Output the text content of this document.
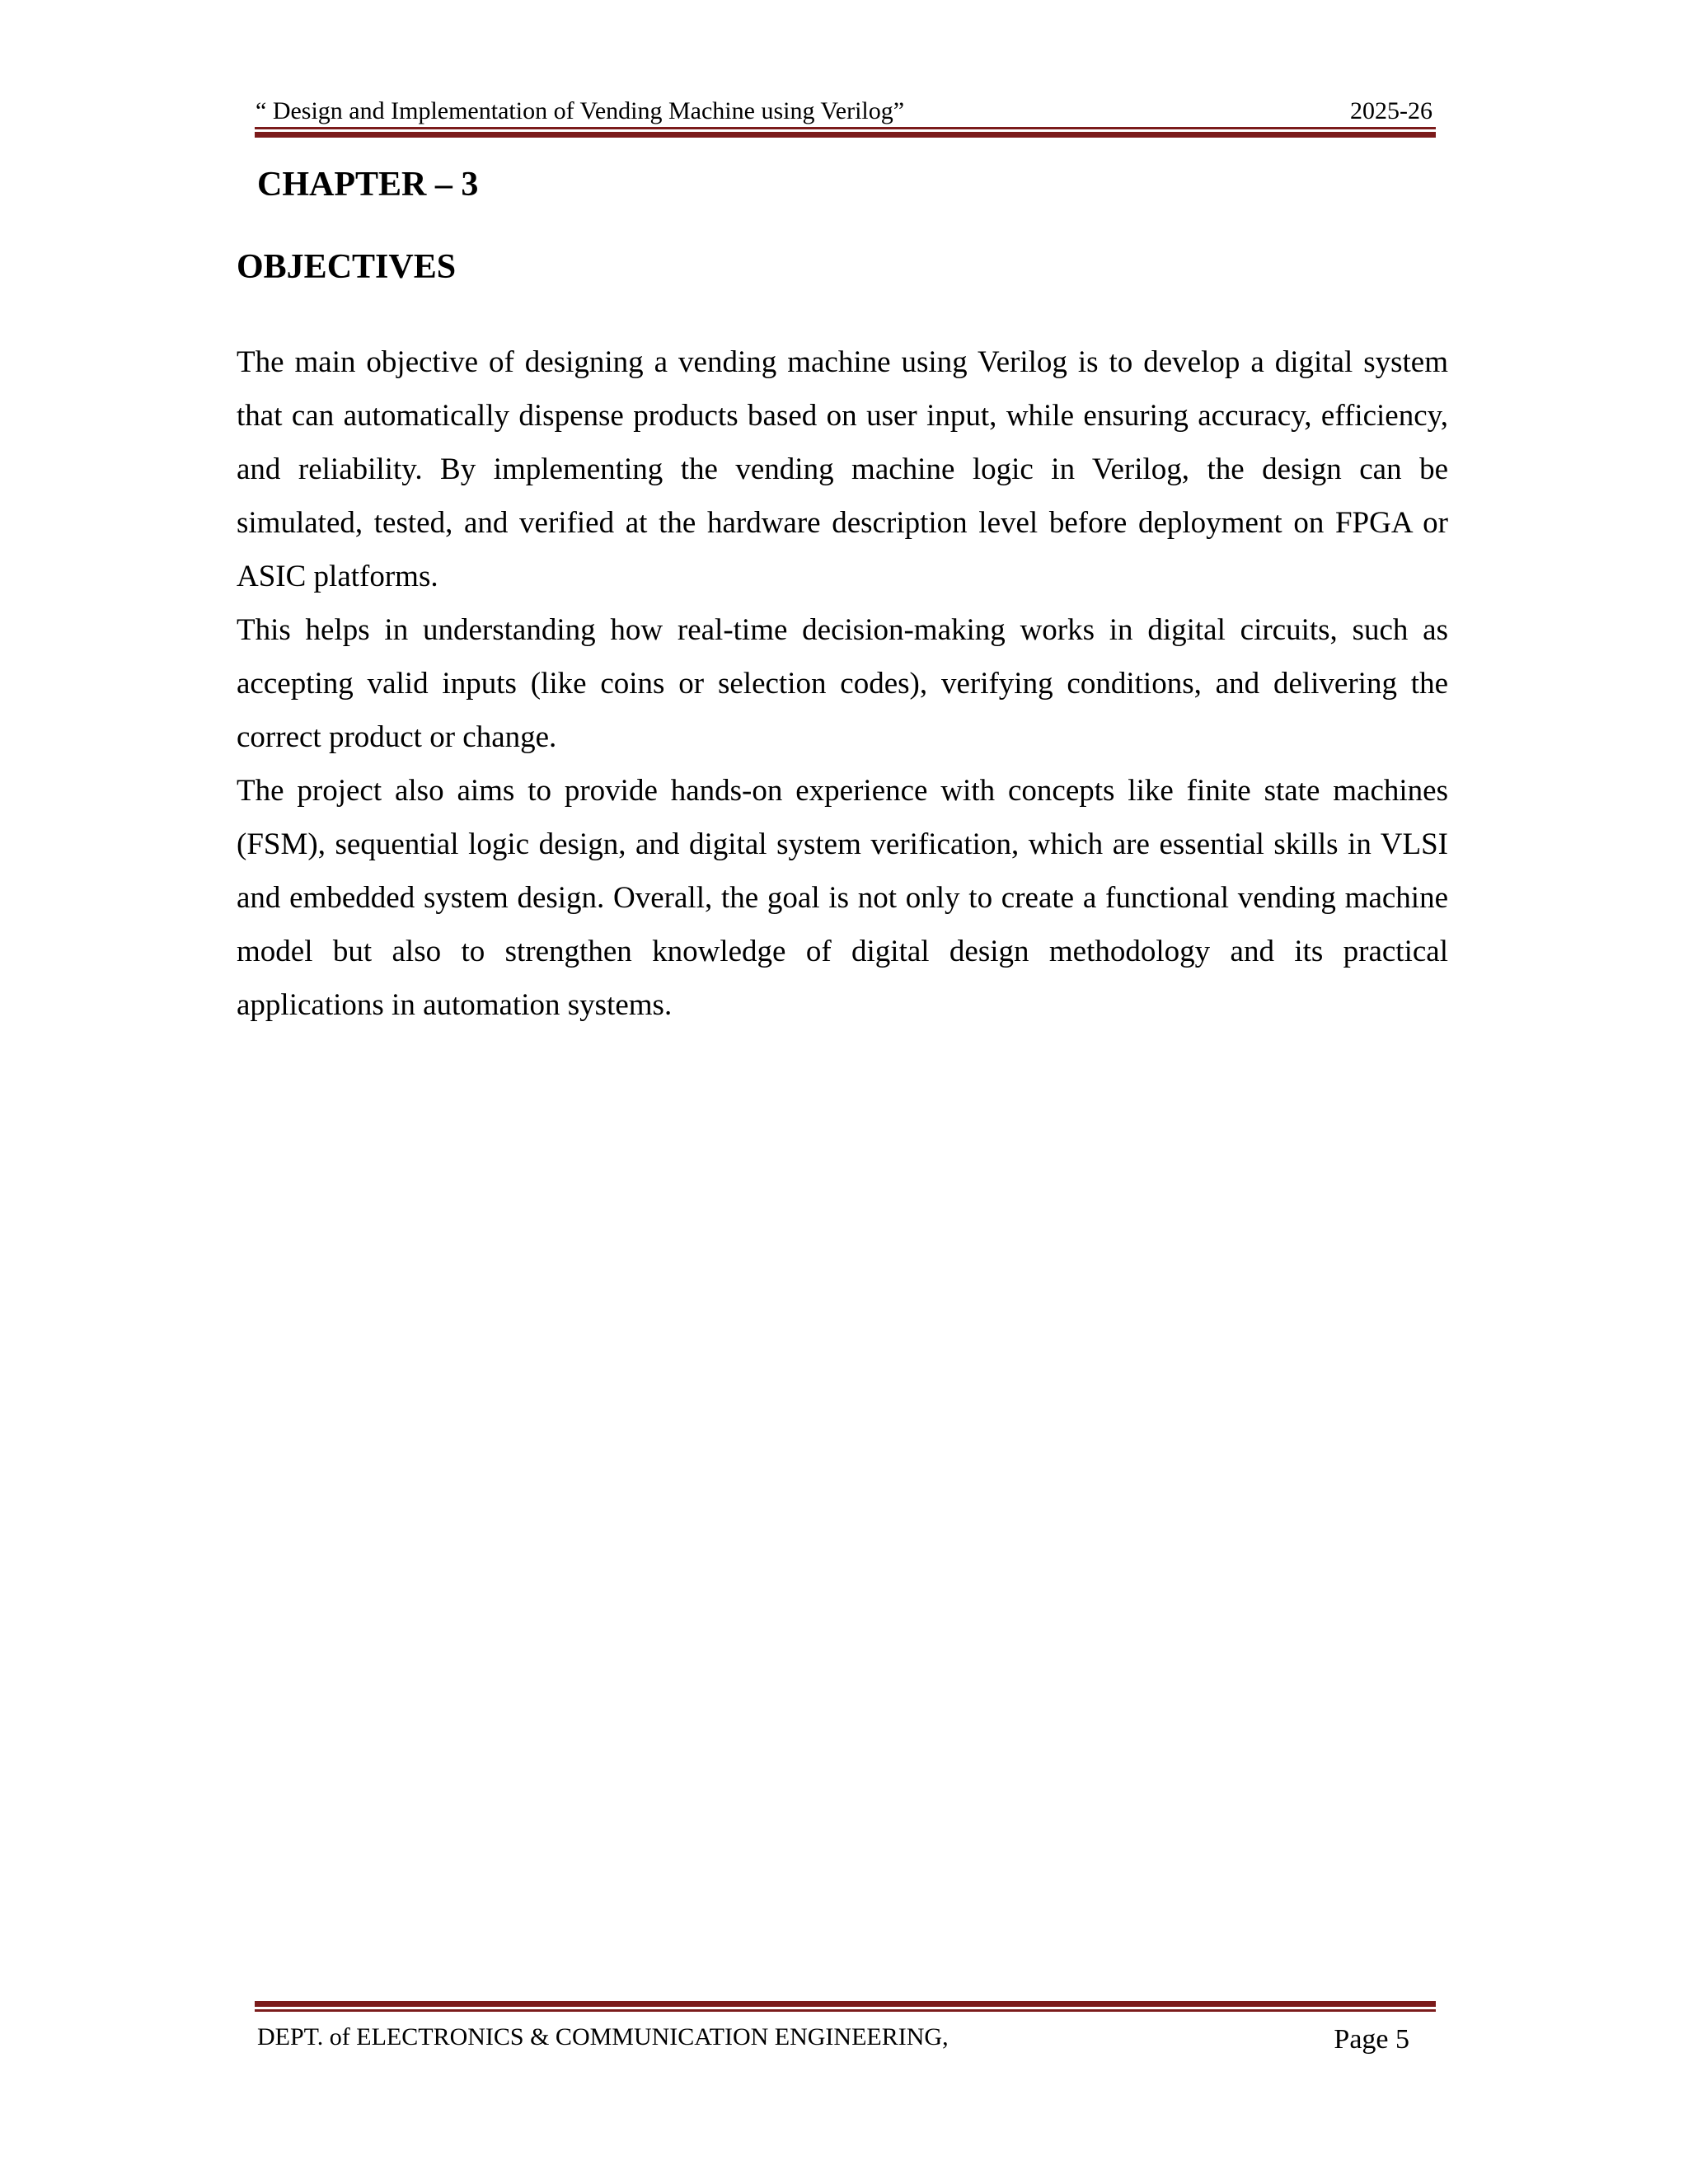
“ Design and Implementation of Vending Machine using Verilog”	2025-26
CHAPTER – 3
OBJECTIVES

The main objective of designing a vending machine using Verilog is to develop a digital system that can automatically dispense products based on user input, while ensuring accuracy, efficiency, and reliability. By implementing the vending machine logic in Verilog, the design can be simulated, tested, and verified at the hardware description level before deployment on FPGA or ASIC platforms.

This helps in understanding how real-time decision-making works in digital circuits, such as accepting valid inputs (like coins or selection codes), verifying conditions, and delivering the correct product or change.

The project also aims to provide hands-on experience with concepts like finite state machines (FSM), sequential logic design, and digital system verification, which are essential skills in VLSI and embedded system design. Overall, the goal is not only to create a functional vending machine model but also to strengthen knowledge of digital design methodology and its practical applications in automation systems.

DEPT. of ELECTRONICS & COMMUNICATION ENGINEERING,	Page 5
